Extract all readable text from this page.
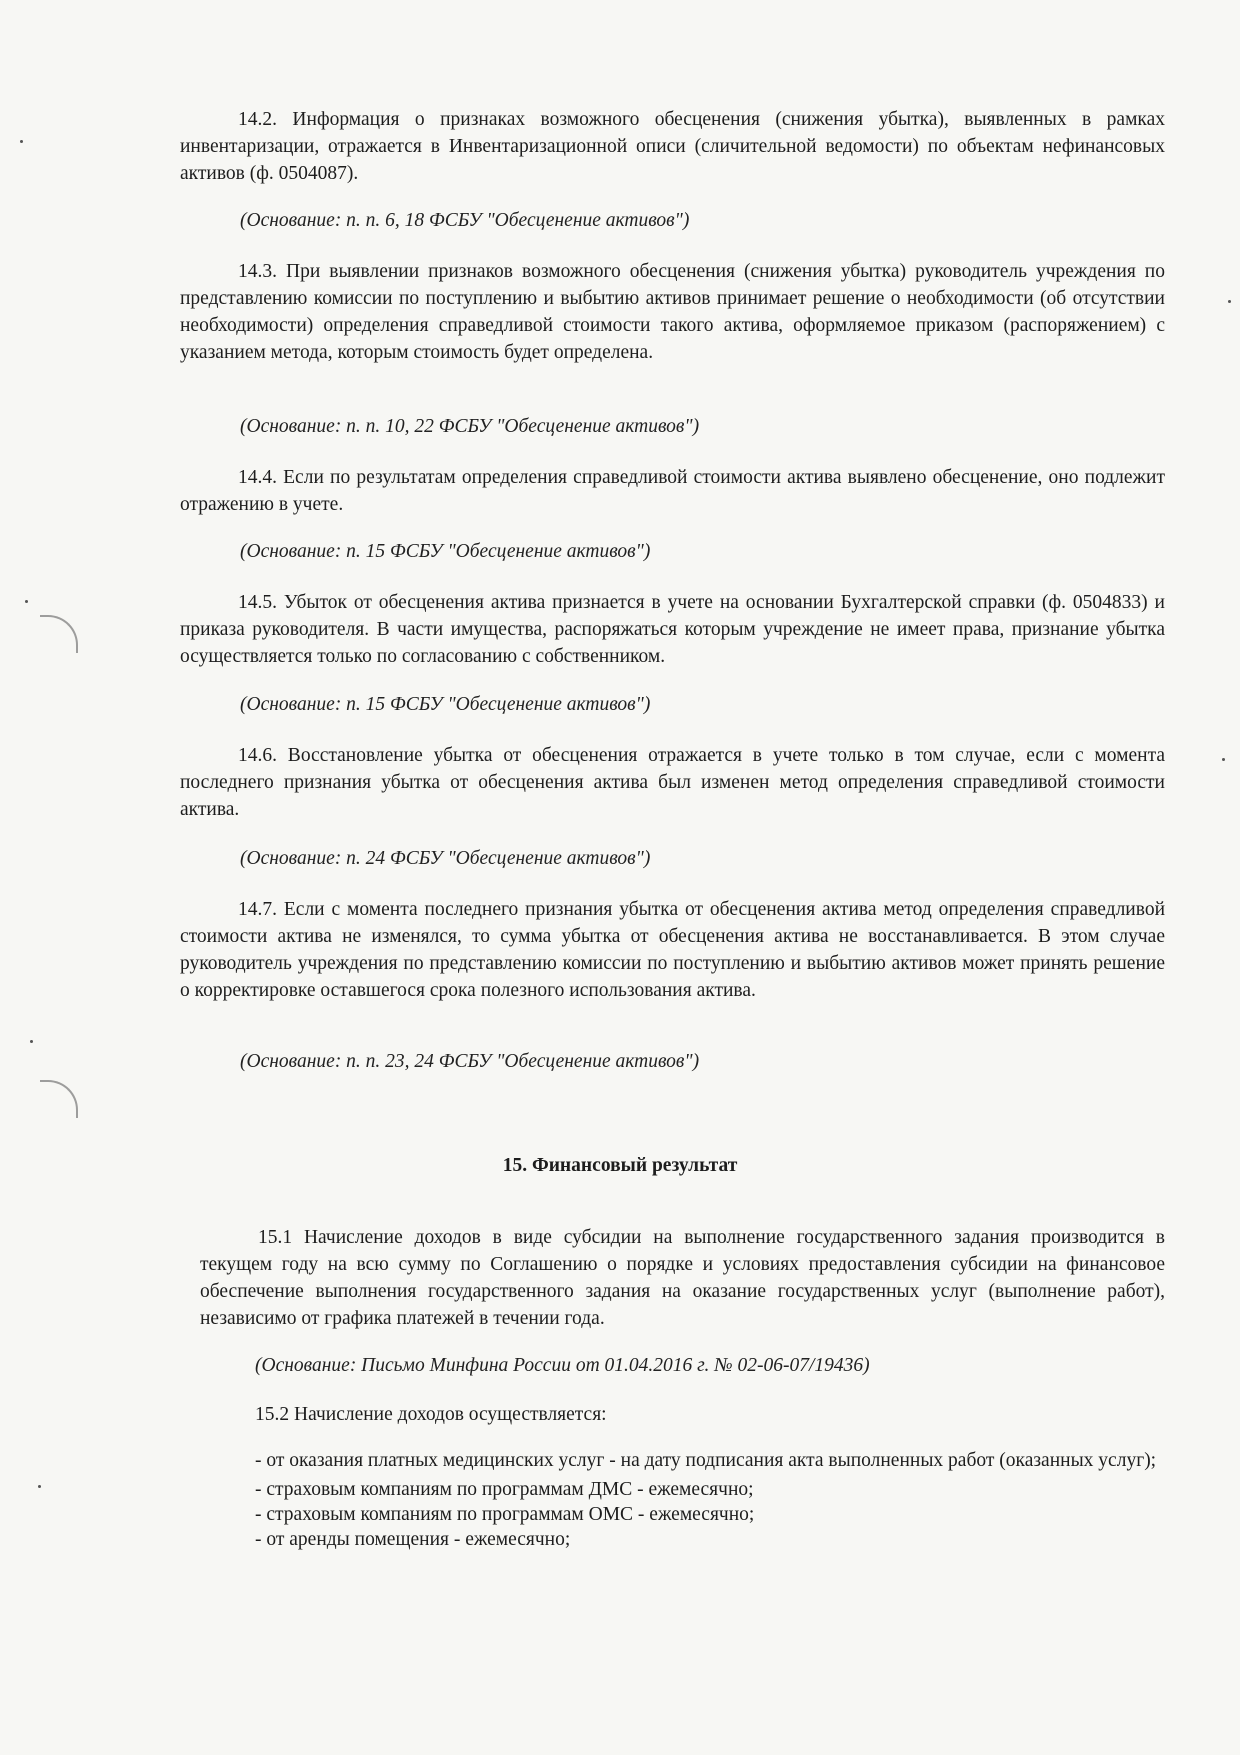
14.2. Информация о признаках возможного обесценения (снижения убытка), выявленных в рамках инвентаризации, отражается в Инвентаризационной описи (сличительной ведомости) по объектам нефинансовых активов (ф. 0504087).

(Основание: п. п. 6, 18 ФСБУ "Обесценение активов")

14.3. При выявлении признаков возможного обесценения (снижения убытка) руководитель учреждения по представлению комиссии по поступлению и выбытию активов принимает решение о необходимости (об отсутствии необходимости) определения справедливой стоимости такого актива, оформляемое приказом (распоряжением) с указанием метода, которым стоимость будет определена.

(Основание: п. п. 10, 22 ФСБУ "Обесценение активов")

14.4. Если по результатам определения справедливой стоимости актива выявлено обесценение, оно подлежит отражению в учете.

(Основание: п. 15 ФСБУ "Обесценение активов")

14.5. Убыток от обесценения актива признается в учете на основании Бухгалтерской справки (ф. 0504833) и приказа руководителя. В части имущества, распоряжаться которым учреждение не имеет права, признание убытка осуществляется только по согласованию с собственником.

(Основание: п. 15 ФСБУ "Обесценение активов")

14.6. Восстановление убытка от обесценения отражается в учете только в том случае, если с момента последнего признания убытка от обесценения актива был изменен метод определения справедливой стоимости актива.

(Основание: п. 24 ФСБУ "Обесценение активов")

14.7. Если с момента последнего признания убытка от обесценения актива метод определения справедливой стоимости актива не изменялся, то сумма убытка от обесценения актива не восстанавливается. В этом случае руководитель учреждения по представлению комиссии по поступлению и выбытию активов может принять решение о корректировке оставшегося срока полезного использования актива.

(Основание: п. п. 23, 24 ФСБУ "Обесценение активов")

15. Финансовый результат

15.1 Начисление доходов в виде субсидии на выполнение государственного задания производится в текущем году на всю сумму по Соглашению о порядке и условиях предоставления субсидии на финансовое обеспечение выполнения государственного задания на оказание государственных услуг (выполнение работ), независимо от графика платежей в течении года.

(Основание: Письмо Минфина России от 01.04.2016 г. № 02-06-07/19436)

15.2 Начисление доходов осуществляется:

- от оказания платных медицинских услуг - на дату подписания акта выполненных работ (оказанных услуг);
- страховым компаниям по программам ДМС - ежемесячно;
- страховым компаниям по программам ОМС - ежемесячно;
- от аренды помещения - ежемесячно;
